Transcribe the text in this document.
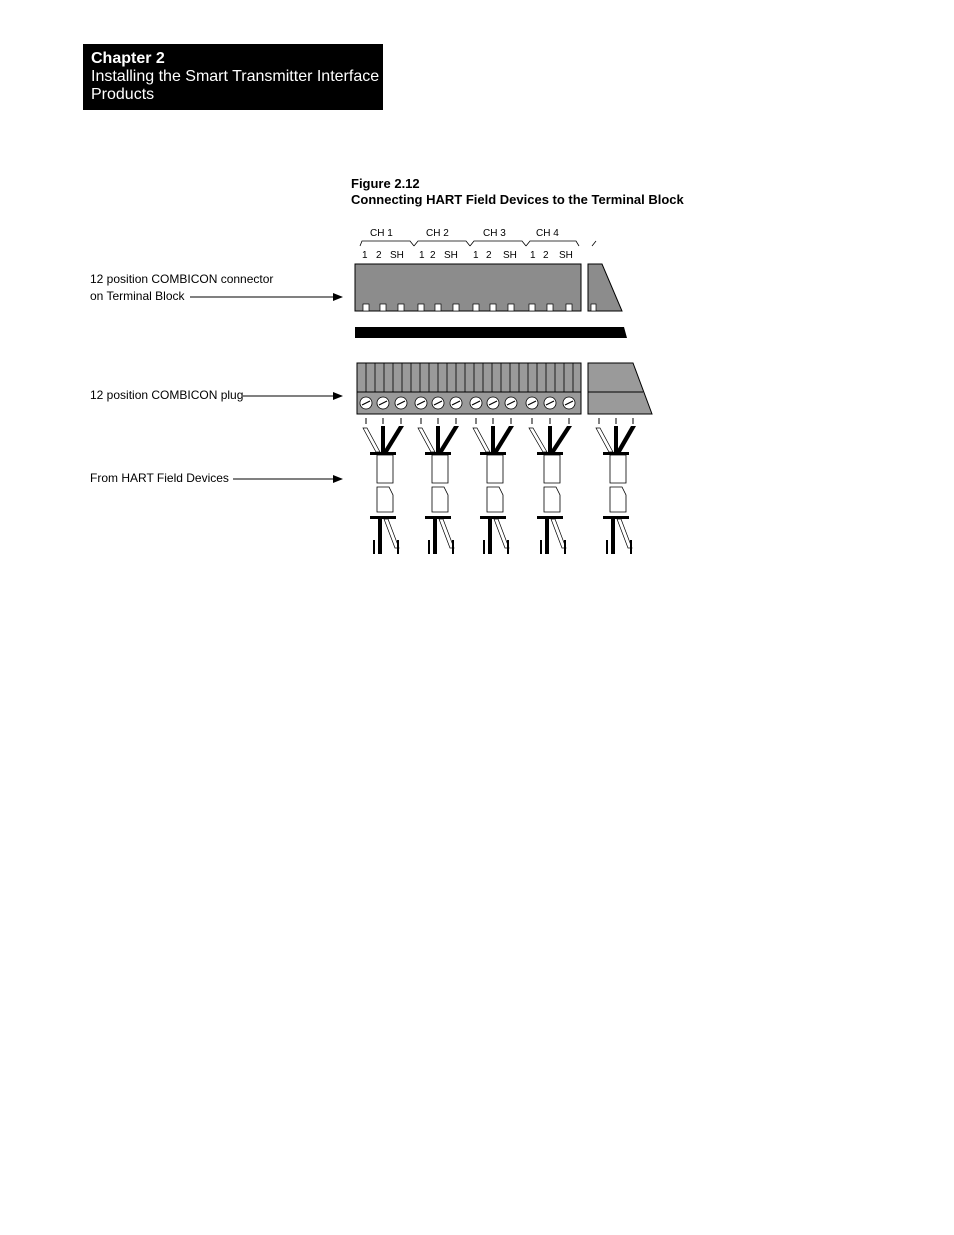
Chapter 2
Installing the Smart Transmitter Interface
Products
Figure 2.12
Connecting HART Field Devices to the Terminal Block
12 position COMBICON connector
on Terminal Block
12 position COMBICON plug
From HART Field Devices
CH 1	CH 2	CH 3	CH 4
1 2 SH 1 2 SH 1 2 SH 1 2 SH
